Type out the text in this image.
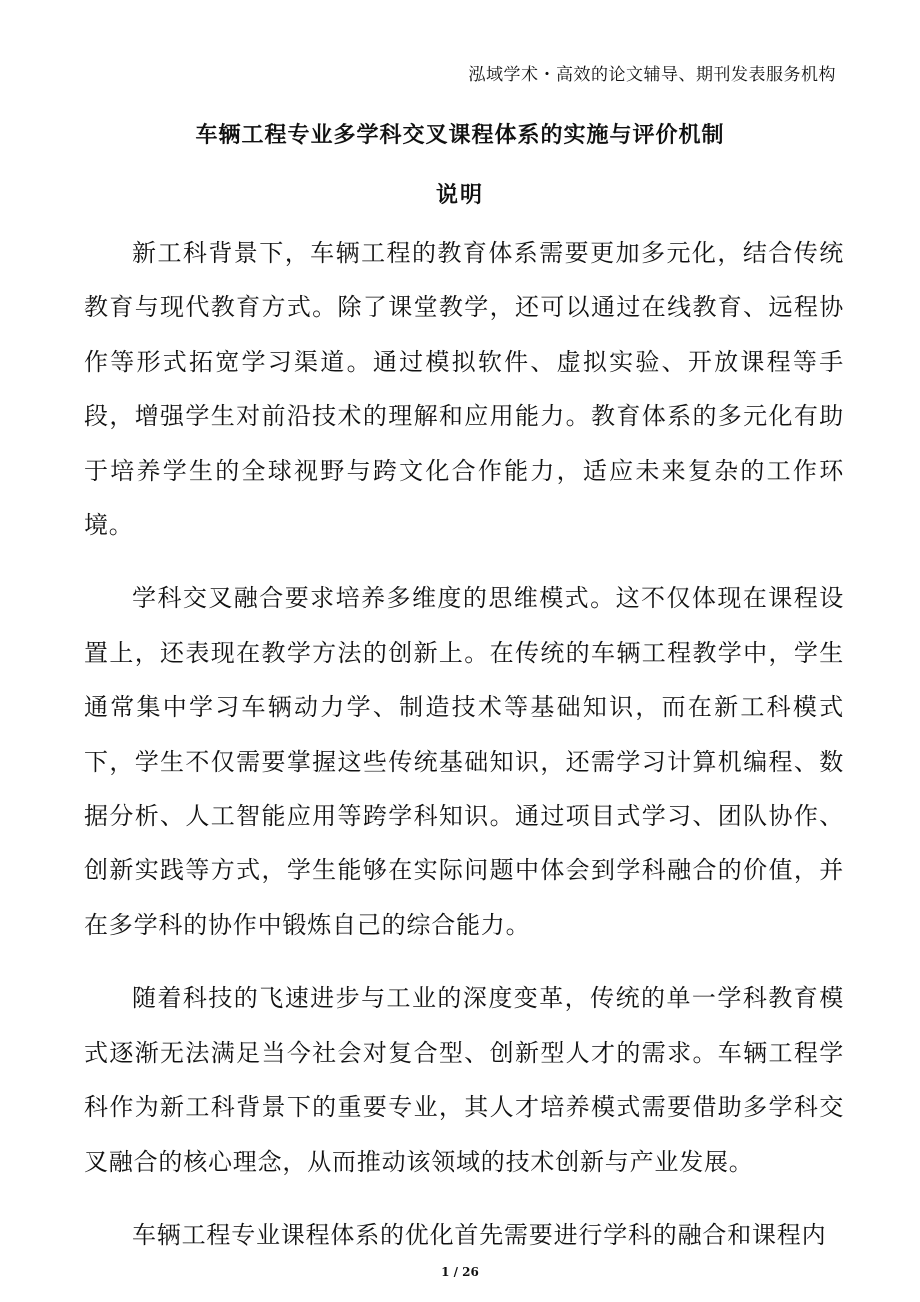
泓域学术・高效的论文辅导、期刊发表服务机构
车辆工程专业多学科交叉课程体系的实施与评价机制
说明

新工科背景下，车辆工程的教育体系需要更加多元化，结合传统教育与现代教育方式。除了课堂教学，还可以通过在线教育、远程协作等形式拓宽学习渠道。通过模拟软件、虚拟实验、开放课程等手段，增强学生对前沿技术的理解和应用能力。教育体系的多元化有助于培养学生的全球视野与跨文化合作能力，适应未来复杂的工作环境。

学科交叉融合要求培养多维度的思维模式。这不仅体现在课程设置上，还表现在教学方法的创新上。在传统的车辆工程教学中，学生通常集中学习车辆动力学、制造技术等基础知识，而在新工科模式下，学生不仅需要掌握这些传统基础知识，还需学习计算机编程、数据分析、人工智能应用等跨学科知识。通过项目式学习、团队协作、创新实践等方式，学生能够在实际问题中体会到学科融合的价值，并在多学科的协作中锻炼自己的综合能力。

随着科技的飞速进步与工业的深度变革，传统的单一学科教育模式逐渐无法满足当今社会对复合型、创新型人才的需求。车辆工程学科作为新工科背景下的重要专业，其人才培养模式需要借助多学科交叉融合的核心理念，从而推动该领域的技术创新与产业发展。

车辆工程专业课程体系的优化首先需要进行学科的融合和课程内

1 / 26
